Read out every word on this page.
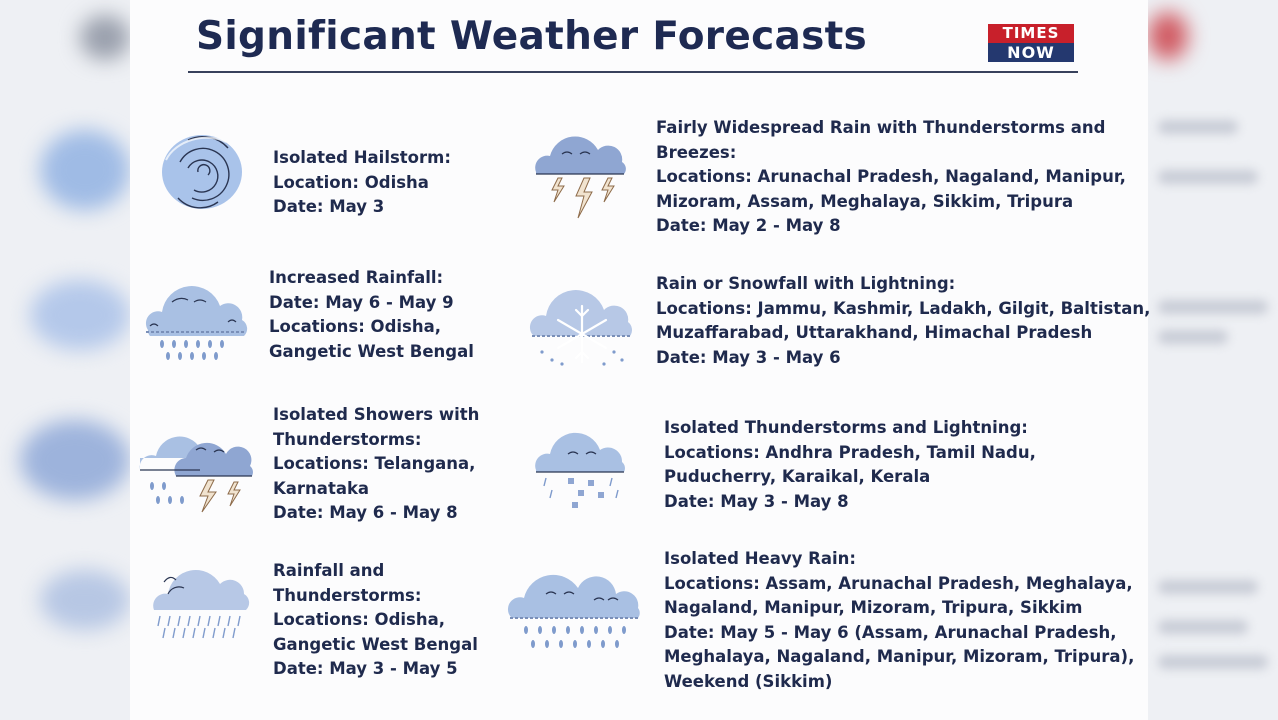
Significant Weather Forecasts	TIMES
NOW
Isolated Hailstorm:
Location: Odisha
Date: May 3
Increased Rainfall:
Date: May 6 - May 9
Locations: Odisha,
Gangetic West Bengal
Isolated Showers with
Thunderstorms:
Locations: Telangana,
Karnataka
Date: May 6 - May 8
Rainfall and
Thunderstorms:
Locations: Odisha,
Gangetic West Bengal
Date: May 3 - May 5
Fairly Widespread Rain with Thunderstorms and
Breezes:
Locations: Arunachal Pradesh, Nagaland, Manipur,
Mizoram, Assam, Meghalaya, Sikkim, Tripura
Date: May 2 - May 8
Rain or Snowfall with Lightning:
Locations: Jammu, Kashmir, Ladakh, Gilgit, Baltistan,
Muzaffarabad, Uttarakhand, Himachal Pradesh
Date: May 3 - May 6
Isolated Thunderstorms and Lightning:
Locations: Andhra Pradesh, Tamil Nadu,
Puducherry, Karaikal, Kerala
Date: May 3 - May 8
Isolated Heavy Rain:
Locations: Assam, Arunachal Pradesh, Meghalaya,
Nagaland, Manipur, Mizoram, Tripura, Sikkim
Date: May 5 - May 6 (Assam, Arunachal Pradesh,
Meghalaya, Nagaland, Manipur, Mizoram, Tripura),
Weekend (Sikkim)
